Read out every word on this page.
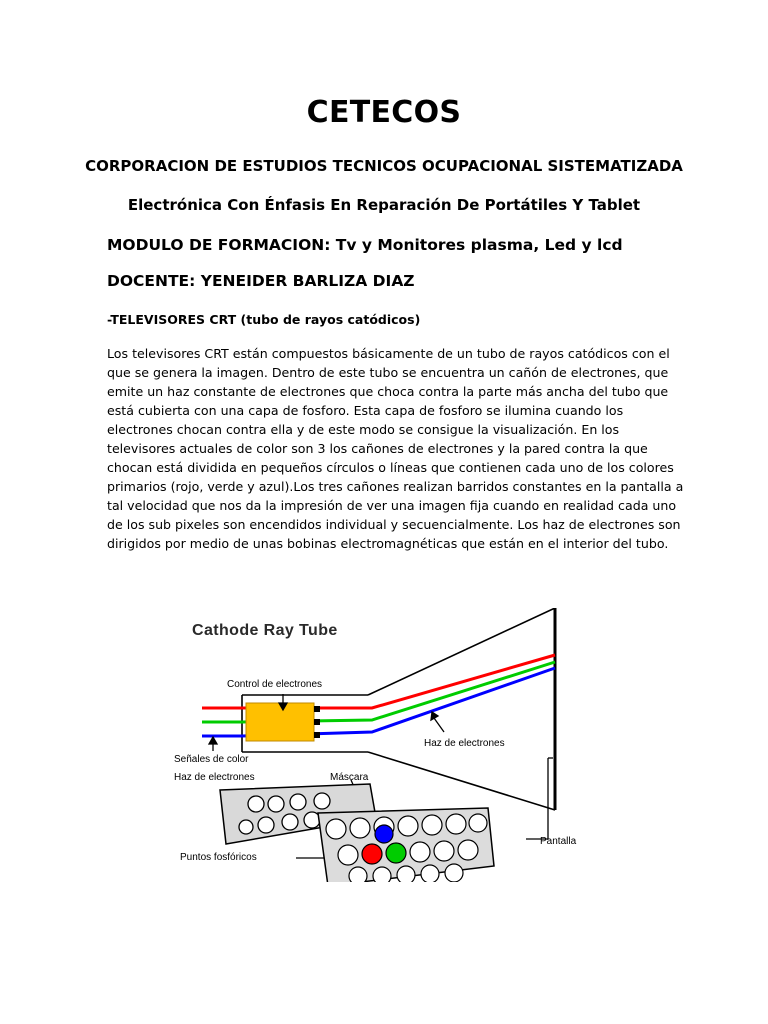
CETECOS
CORPORACION DE ESTUDIOS TECNICOS OCUPACIONAL SISTEMATIZADA
Electrónica Con Énfasis En Reparación De Portátiles Y Tablet
MODULO DE FORMACION: Tv y Monitores plasma, Led y lcd
DOCENTE: YENEIDER BARLIZA DIAZ
-TELEVISORES CRT (tubo de rayos catódicos)
Los televisores CRT están compuestos básicamente de un tubo de rayos catódicos con el
que se genera la imagen. Dentro de este tubo se encuentra un cañón de electrones, que
emite un haz constante de electrones que choca contra la parte más ancha del tubo que
está cubierta con una capa de fosforo. Esta capa de fosforo se ilumina cuando los
electrones chocan contra ella y de este modo se consigue la visualización. En los
televisores actuales de color son 3 los cañones de electrones y la pared contra la que
chocan está dividida en pequeños círculos o líneas que contienen cada uno de los colores
primarios (rojo, verde y azul).Los tres cañones realizan barridos constantes en la pantalla a
tal velocidad que nos da la impresión de ver una imagen fija cuando en realidad cada uno
de los sub pixeles son encendidos individual y secuencialmente. Los haz de electrones son
dirigidos por medio de unas bobinas electromagnéticas que están en el interior del tubo.
Cathode Ray Tube
Control de electrones
Señales de color
Haz de electrones
Haz de electrones	Máscara
Pantalla
Puntos fosfóricos
